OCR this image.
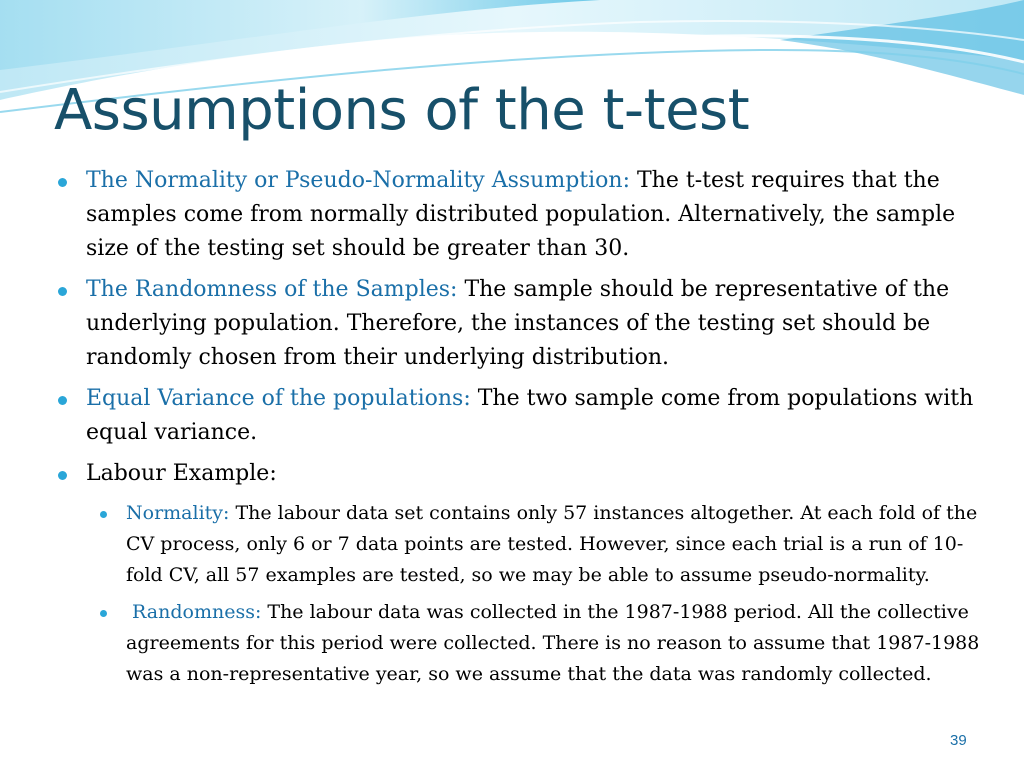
Assumptions of the t-test
The Normality or Pseudo-Normality Assumption: The t-test requires that the samples come from normally distributed population. Alternatively, the sample size of the testing set should be greater than 30.
The Randomness of the Samples: The sample should be representative of the underlying population. Therefore, the instances of the testing set should be randomly chosen from their underlying distribution.
Equal Variance of the populations: The two sample come from populations with equal variance.
Labour Example:
Normality: The labour data set contains only 57 instances altogether. At each fold of the CV process, only 6 or 7 data points are tested. However, since each trial is a run of 10-fold CV, all 57 examples are tested, so we may be able to assume pseudo-normality.
Randomness: The labour data was collected in the 1987-1988 period. All the collective agreements for this period were collected. There is no reason to assume that 1987-1988 was a non-representative year, so we assume that the data was randomly collected.
39
